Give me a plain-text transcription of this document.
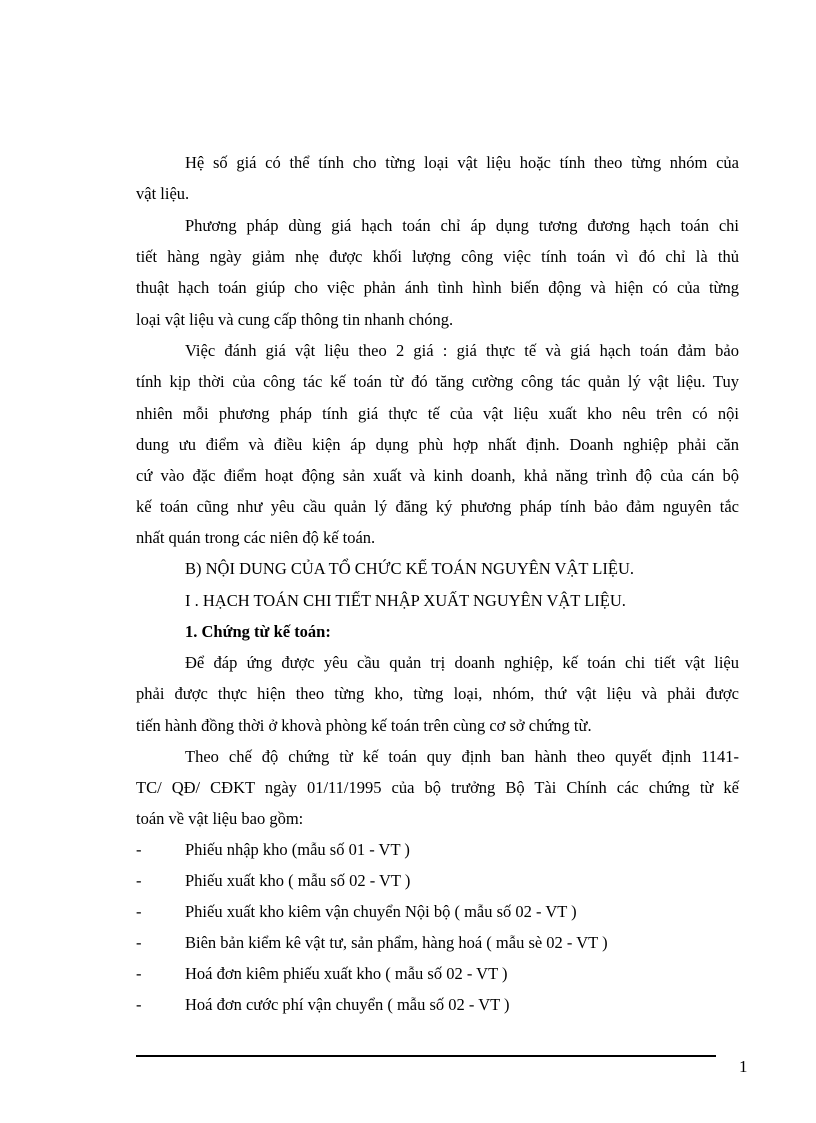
Hệ số giá có thể tính cho từng loại vật liệu hoặc tính theo từng nhóm của
vật liệu.
Phương pháp dùng giá hạch toán chỉ áp dụng tương đương hạch toán chi
tiết hàng ngày giảm nhẹ được khối lượng công việc tính toán vì đó chỉ là thủ
thuật hạch toán giúp cho việc phản ánh tình hình biến động và hiện có của từng
loại vật liệu và cung cấp thông tin nhanh chóng.
Việc đánh giá vật liệu theo 2 giá : giá thực tế và giá hạch toán đảm bảo
tính kịp thời của công tác kế toán từ đó tăng cường công tác quản lý vật liệu. Tuy
nhiên mỗi phương pháp tính giá thực tế của vật liệu xuất kho nêu trên có nội
dung ưu điểm và điều kiện áp dụng phù hợp nhất định. Doanh nghiệp phải căn
cứ vào đặc điểm hoạt động sản xuất và kinh doanh, khả năng trình độ của cán bộ
kế toán cũng như yêu cầu quản lý đăng ký phương pháp tính bảo đảm nguyên tắc
nhất quán trong các niên độ kế toán.
B) NỘI DUNG CỦA TỔ CHỨC KẾ TOÁN NGUYÊN VẬT LIỆU.
I . HẠCH TOÁN CHI TIẾT NHẬP XUẤT NGUYÊN VẬT LIỆU.
1. Chứng từ kế toán:
Để đáp ứng được yêu cầu quản trị doanh nghiệp, kế toán chi tiết vật liệu
phải được thực hiện theo từng kho, từng loại, nhóm, thứ vật liệu và phải được
tiến hành đồng thời ở khovà phòng kế toán trên cùng cơ sở chứng từ.
Theo chế độ chứng từ kế toán quy định ban hành theo quyết định 1141-
TC/ QĐ/ CĐKT ngày 01/11/1995 của bộ trưởng Bộ Tài Chính các chứng từ kế
toán về vật liệu bao gồm:
-	Phiếu nhập kho (mẫu số 01 - VT )
-	Phiếu xuất kho ( mẫu số 02 - VT )
-	Phiếu xuất kho kiêm vận chuyển Nội bộ ( mẫu số 02 - VT )
-	Biên bản kiểm kê vật tư, sản phẩm, hàng hoá ( mẫu sè 02 - VT )
-	Hoá đơn kiêm phiếu xuất kho ( mẫu số 02 - VT )
-	Hoá đơn cước phí vận chuyển ( mẫu số 02 - VT )
1
